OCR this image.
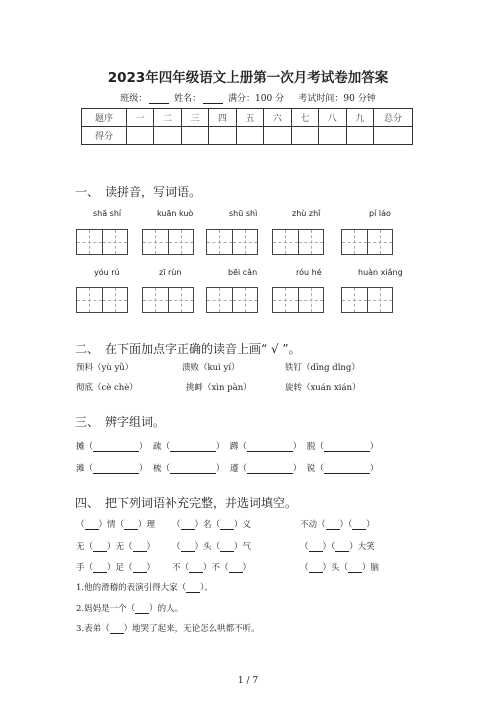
2023年四年级语文上册第一次月考试卷加答案
班级：	姓名：	满分：100 分 考试时间：90 分钟
题序	一	二	三	四	五	六	七	八	九	总分
得分										
一、　读拼音，写词语。
shā shí	kuān kuò	shū shì	zhù zhǐ	pí láo
yóu rú	zī rùn	bēi cǎn	róu hé	huàn xiǎng
二、　在下面加点字正确的读音上画“ √ ”。
预料（yù yǜ）	溃败（kuì yí）	铁钉（dīng dǐng）
彻底（cè chè）	挑衅（xìn pàn）	旋转（xuán xián）
三、　辨字组词。
摊（	）  疏（	）  蹲（	）  脱（	）
滩（	）  梳（	）  遵（	）  锐（	）
四、　把下列词语补充完整，并选词填空。
（ ）情（ ）理 （ ）名（ ）义	不动（ ）（ ）
无（ ）无（ ） （ ）头（ ）气	（ ）（ ）大笑
手（ ）足（ ） 不（ ）不（ ）	（ ）头（ ）脑
1.他的滑稽的表演引得大家（ ）。
2.妈妈是一个（ ）的人。
3.表弟（ ）地哭了起来，无论怎么哄都不听。
1 / 7
